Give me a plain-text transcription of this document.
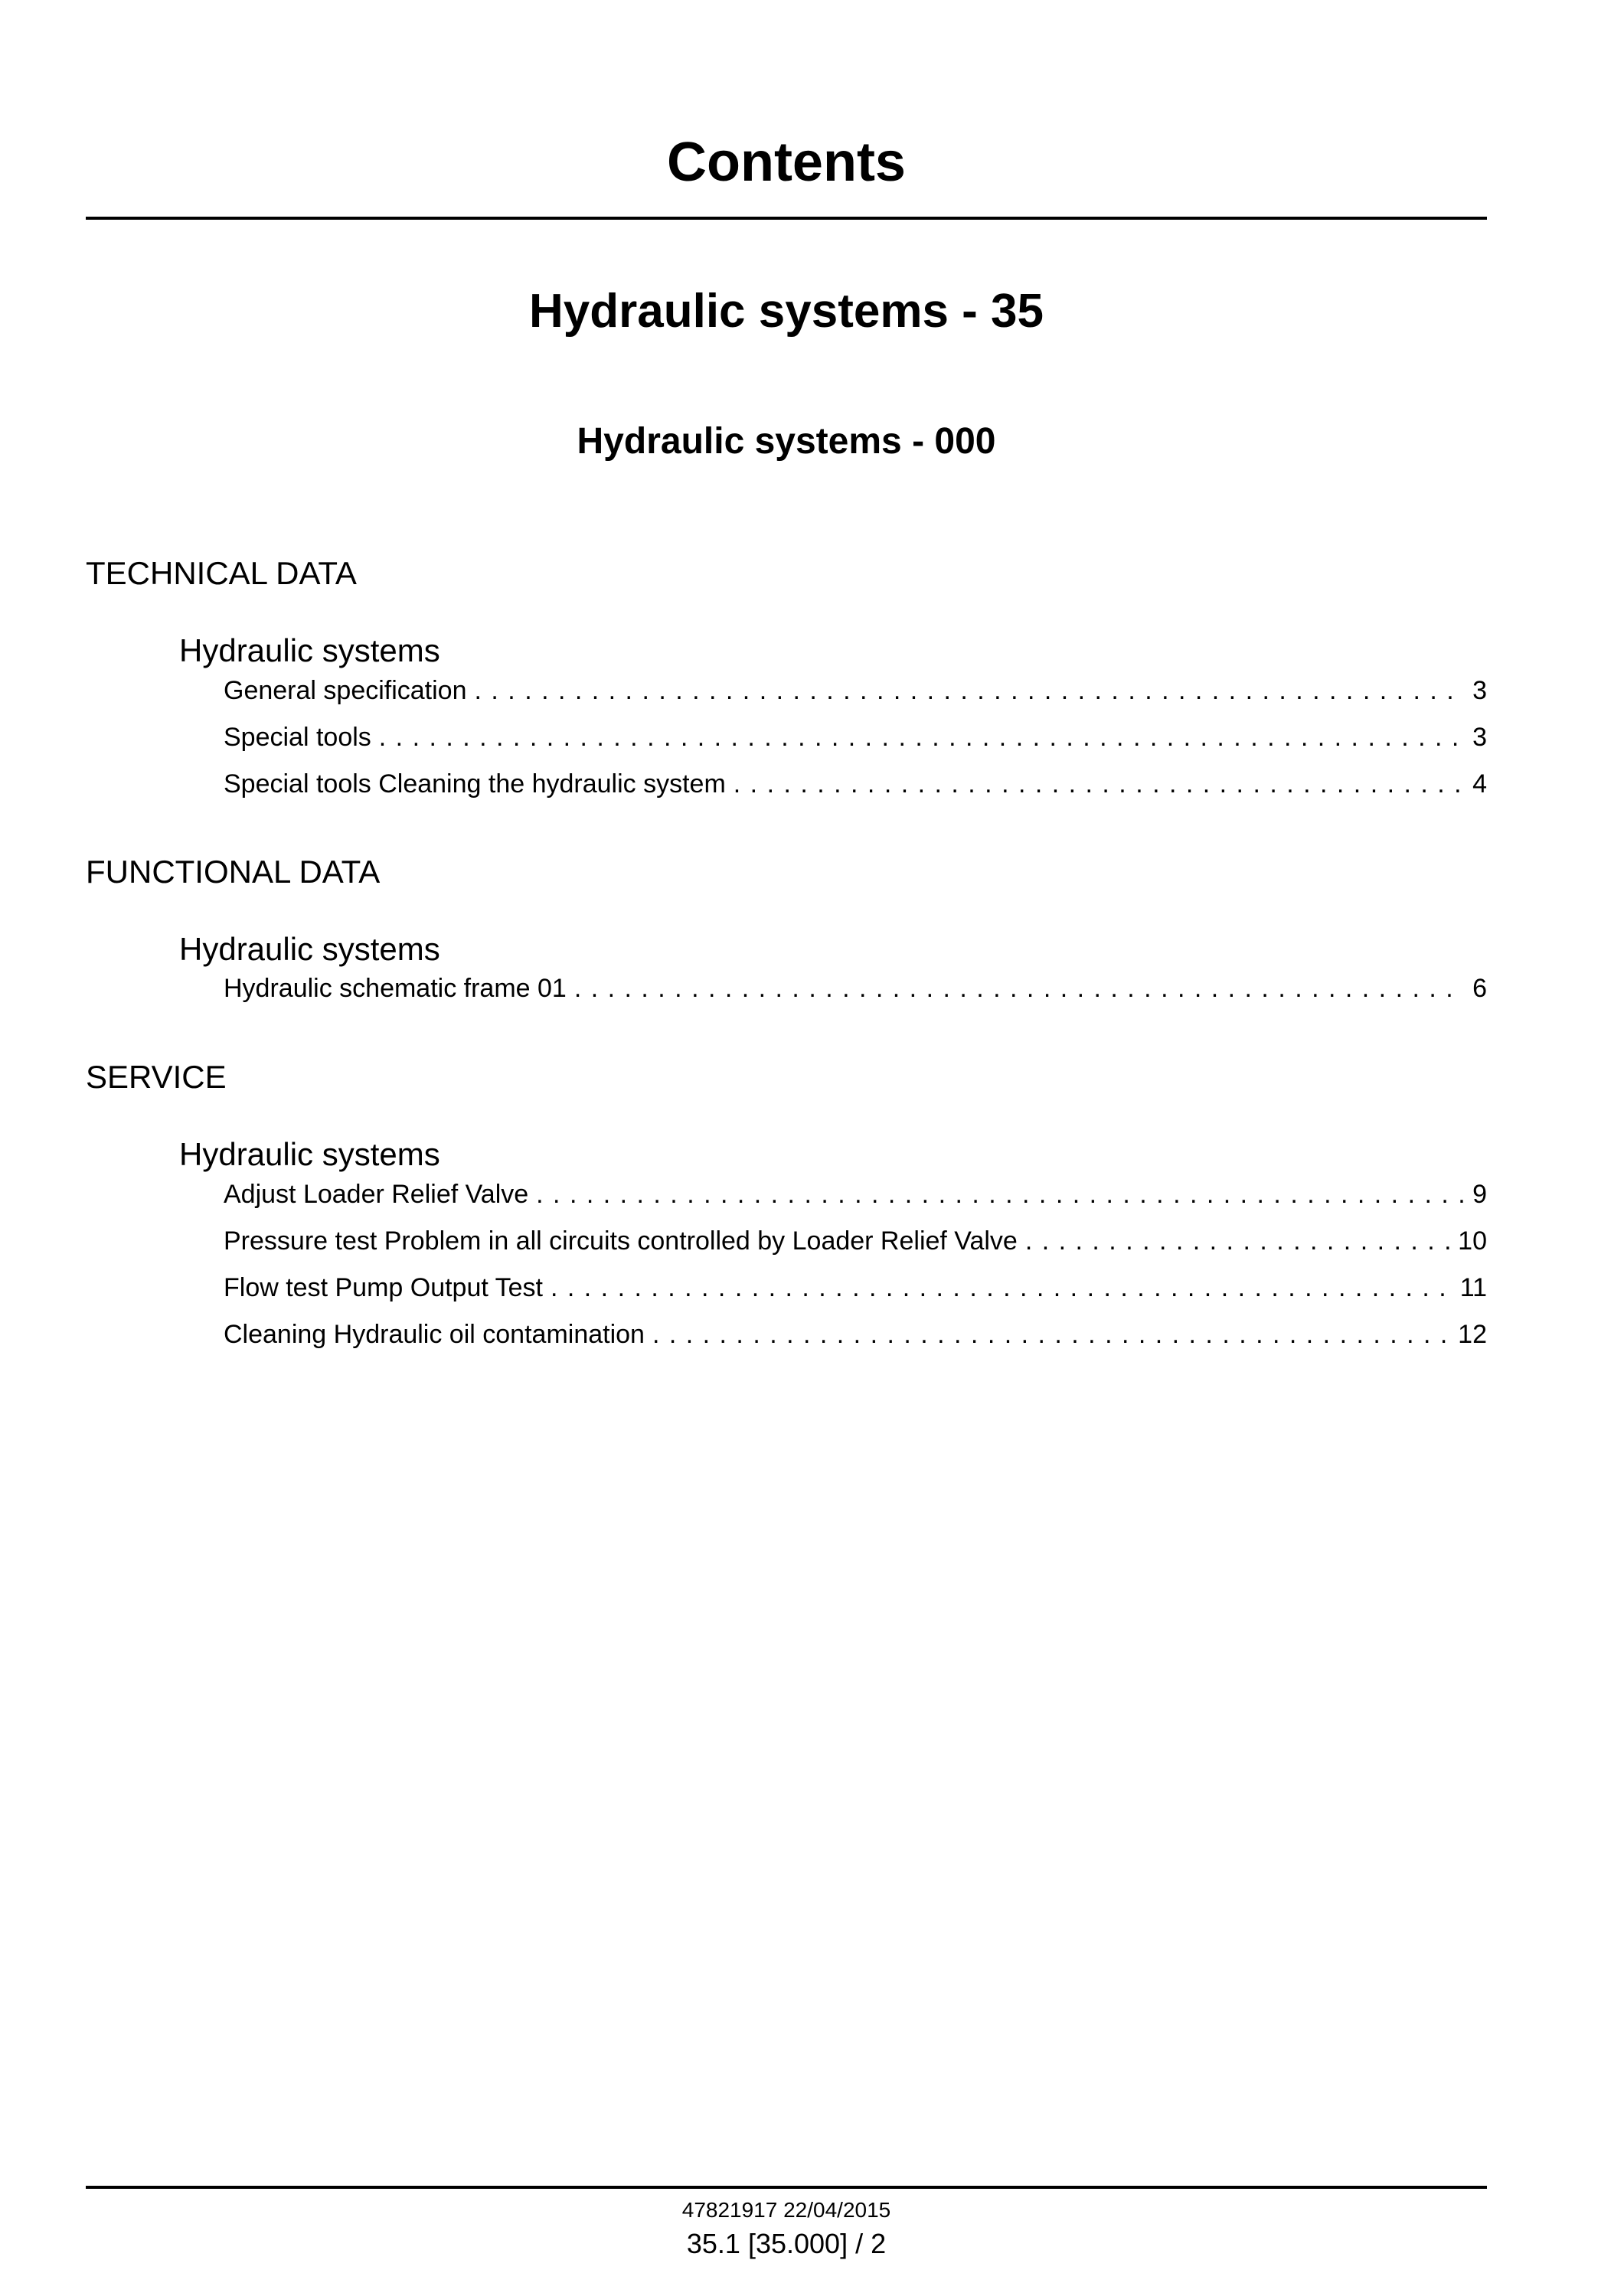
Contents
Hydraulic systems - 35
Hydraulic systems - 000
TECHNICAL DATA
Hydraulic systems
General specification . . .	3
Special tools . . .	3
Special tools Cleaning the hydraulic system . . .	4
FUNCTIONAL DATA
Hydraulic systems
Hydraulic schematic frame 01 . . .	6
SERVICE
Hydraulic systems
Adjust Loader Relief Valve . . .	9
Pressure test Problem in all circuits controlled by Loader Relief Valve . . .	10
Flow test Pump Output Test . . .	11
Cleaning Hydraulic oil contamination . . .	12
47821917 22/04/2015
35.1 [35.000] / 2
